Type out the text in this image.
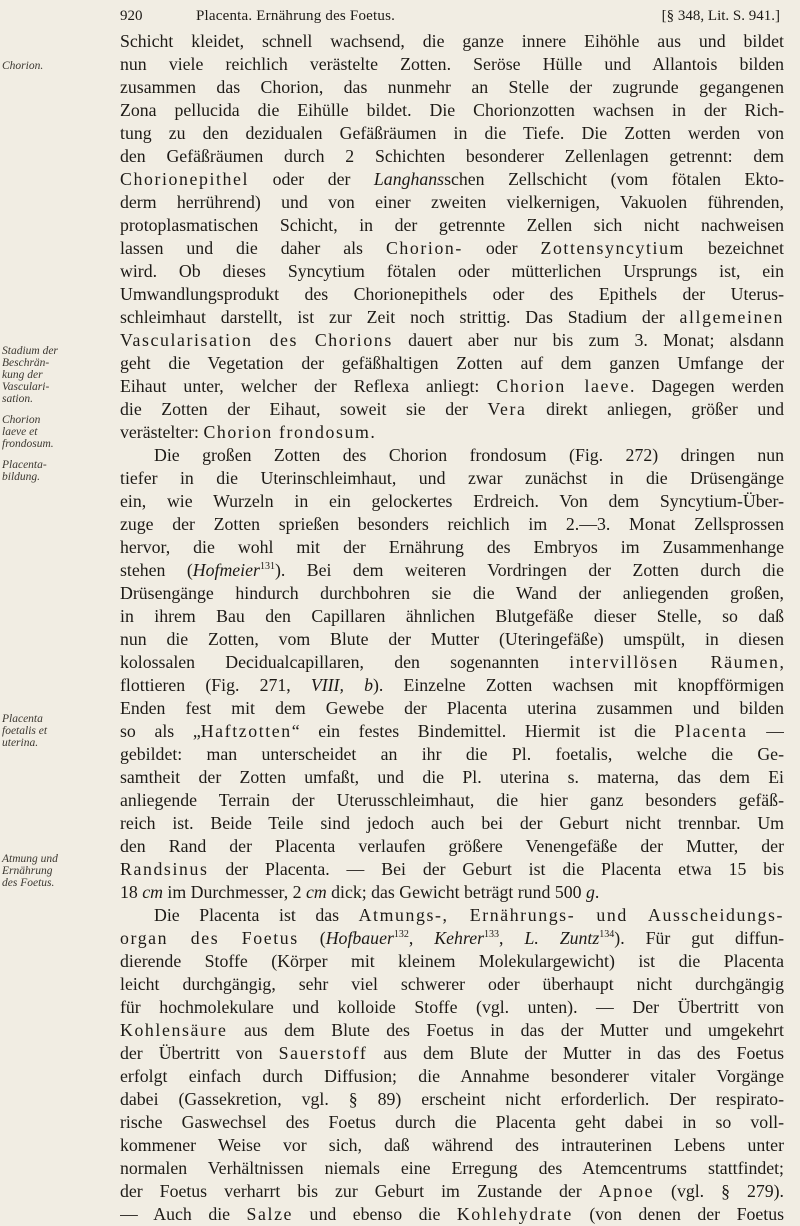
920	Placenta. Ernährung des Foetus.	[§ 348, Lit. S. 941.]
Chorion.
Stadium der
Beschrän-
kung der
Vasculari-
sation.
Chorion
laeve et
frondosum.
Placenta-
bildung.
Placenta
foetalis et
uterina.
Atmung und
Ernährung
des Foetus.
Schicht kleidet, schnell wachsend, die ganze innere Eihöhle aus und bildet
nun viele reichlich verästelte Zotten. Seröse Hülle und Allantois bilden
zusammen das Chorion, das nunmehr an Stelle der zugrunde gegangenen
Zona pellucida die Eihülle bildet. Die Chorionzotten wachsen in der Rich-
tung zu den dezidualen Gefäßräumen in die Tiefe. Die Zotten werden von
den Gefäßräumen durch 2 Schichten besonderer Zellenlagen getrennt: dem
Chorionepithel oder der Langhansschen Zellschicht (vom fötalen Ekto-
derm herrührend) und von einer zweiten vielkernigen, Vakuolen führenden,
protoplasmatischen Schicht, in der getrennte Zellen sich nicht nachweisen
lassen und die daher als Chorion- oder Zottensyncytium bezeichnet
wird. Ob dieses Syncytium fötalen oder mütterlichen Ursprungs ist, ein
Umwandlungsprodukt des Chorionepithels oder des Epithels der Uterus-
schleimhaut darstellt, ist zur Zeit noch strittig. Das Stadium der allgemeinen
Vascularisation des Chorions dauert aber nur bis zum 3. Monat; alsdann
geht die Vegetation der gefäßhaltigen Zotten auf dem ganzen Umfange der
Eihaut unter, welcher der Reflexa anliegt: Chorion laeve. Dagegen werden
die Zotten der Eihaut, soweit sie der Vera direkt anliegen, größer und
verästelter: Chorion frondosum.
Die großen Zotten des Chorion frondosum (Fig. 272) dringen nun
tiefer in die Uterinschleimhaut, und zwar zunächst in die Drüsengänge
ein, wie Wurzeln in ein gelockertes Erdreich. Von dem Syncytium-Über-
zuge der Zotten sprießen besonders reichlich im 2.—3. Monat Zellsprossen
hervor, die wohl mit der Ernährung des Embryos im Zusammenhange
stehen (Hofmeier$^{131}$). Bei dem weiteren Vordringen der Zotten durch die
Drüsengänge hindurch durchbohren sie die Wand der anliegenden großen,
in ihrem Bau den Capillaren ähnlichen Blutgefäße dieser Stelle, so daß
nun die Zotten, vom Blute der Mutter (Uteringefäße) umspült, in diesen
kolossalen Decidualcapillaren, den sogenannten intervillösen Räumen,
flottieren (Fig. 271, VIII, b). Einzelne Zotten wachsen mit knopfförmigen
Enden fest mit dem Gewebe der Placenta uterina zusammen und bilden
so als „Haftzotten“ ein festes Bindemittel. Hiermit ist die Placenta —
gebildet: man unterscheidet an ihr die Pl. foetalis, welche die Ge-
samtheit der Zotten umfaßt, und die Pl. uterina s. materna, das dem Ei
anliegende Terrain der Uterusschleimhaut, die hier ganz besonders gefäß-
reich ist. Beide Teile sind jedoch auch bei der Geburt nicht trennbar. Um
den Rand der Placenta verlaufen größere Venengefäße der Mutter, der
Randsinus der Placenta. — Bei der Geburt ist die Placenta etwa 15 bis
18 cm im Durchmesser, 2 cm dick; das Gewicht beträgt rund 500 g.
Die Placenta ist das Atmungs-, Ernährungs- und Ausscheidungs-
organ des Foetus (Hofbauer$^{132}$, Kehrer$^{133}$, L. Zuntz$^{134}$). Für gut diffun-
dierende Stoffe (Körper mit kleinem Molekulargewicht) ist die Placenta
leicht durchgängig, sehr viel schwerer oder überhaupt nicht durchgängig
für hochmolekulare und kolloide Stoffe (vgl. unten). — Der Übertritt von
Kohlensäure aus dem Blute des Foetus in das der Mutter und umgekehrt
der Übertritt von Sauerstoff aus dem Blute der Mutter in das des Foetus
erfolgt einfach durch Diffusion; die Annahme besonderer vitaler Vorgänge
dabei (Gassekretion, vgl. § 89) erscheint nicht erforderlich. Der respirato-
rische Gaswechsel des Foetus durch die Placenta geht dabei in so voll-
kommener Weise vor sich, daß während des intrauterinen Lebens unter
normalen Verhältnissen niemals eine Erregung des Atemcentrums stattfindet;
der Foetus verharrt bis zur Geburt im Zustande der Apnoe (vgl. § 279).
— Auch die Salze und ebenso die Kohlehydrate (von denen der Foetus
